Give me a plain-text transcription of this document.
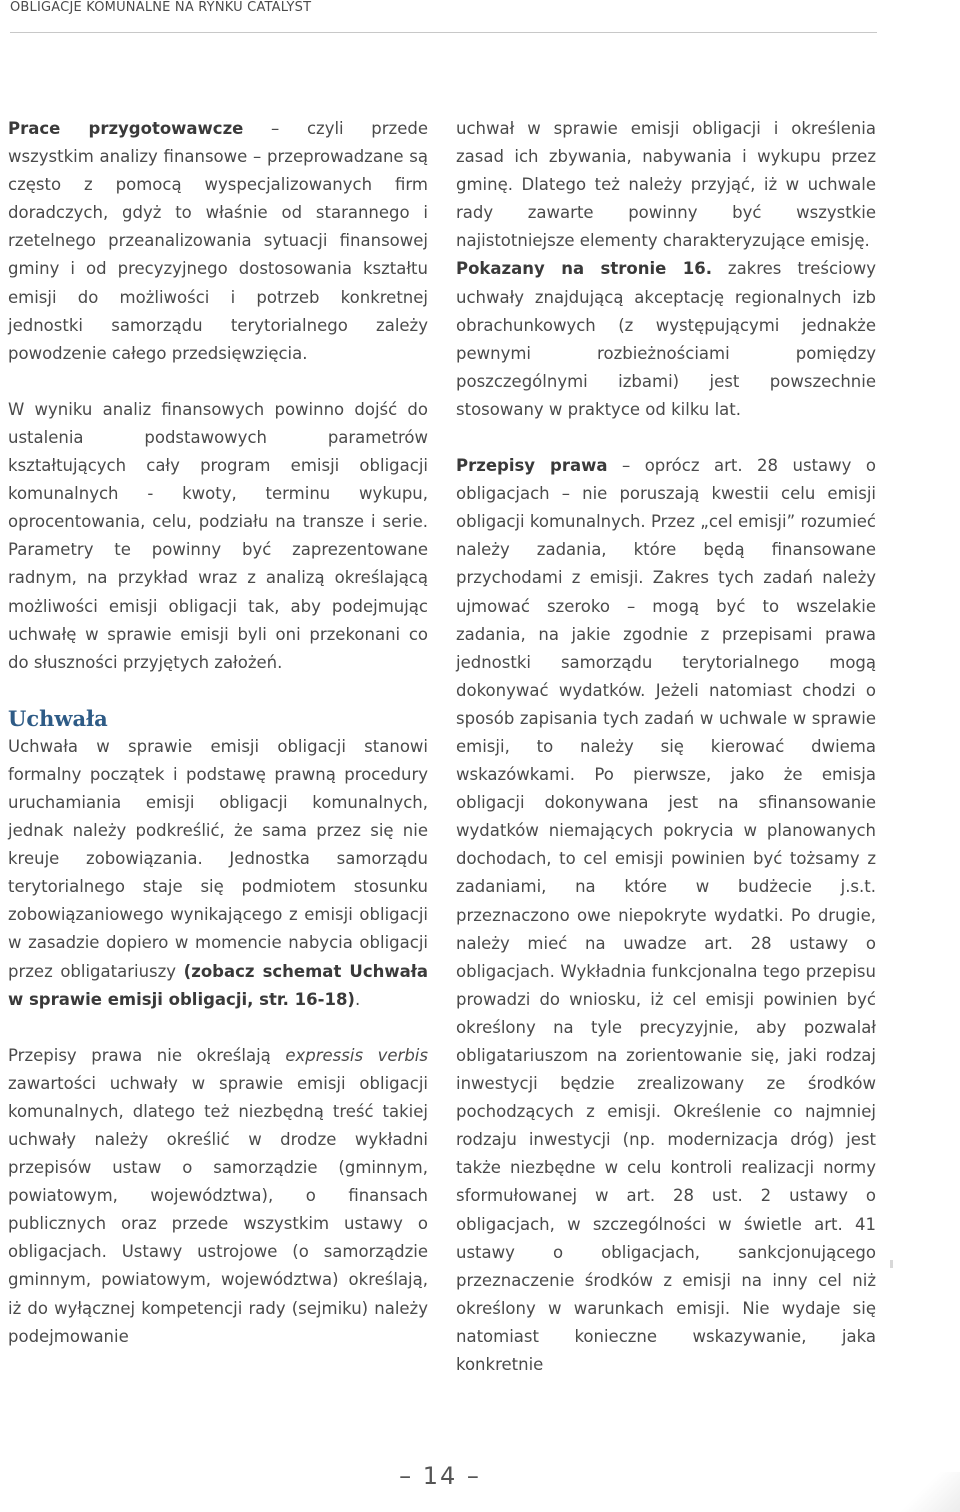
OBLIGACJE KOMUNALNE NA RYNKU CATALYST

Prace przygotowawcze – czyli przede wszystkim analizy finansowe – przeprowadzane są często z pomocą wyspecjalizowanych firm doradczych, gdyż to właśnie od starannego i rzetelnego przeanalizowania sytuacji finansowej gminy i od precyzyjnego dostosowania kształtu emisji do możliwości i potrzeb konkretnej jednostki samorządu terytorialnego zależy powodzenie całego przedsięwzięcia.

W wyniku analiz finansowych powinno dojść do ustalenia podstawowych parametrów kształtujących cały program emisji obligacji komunalnych - kwoty, terminu wykupu, oprocentowania, celu, podziału na transze i serie. Parametry te powinny być zaprezentowane radnym, na przykład wraz z analizą określającą możliwości emisji obligacji tak, aby podejmując uchwałę w sprawie emisji byli oni przekonani co do słuszności przyjętych założeń.

Uchwała

Uchwała w sprawie emisji obligacji stanowi formalny początek i podstawę prawną procedury uruchamiania emisji obligacji komunalnych, jednak należy podkreślić, że sama przez się nie kreuje zobowiązania. Jednostka samorządu terytorialnego staje się podmiotem stosunku zobowiązaniowego wynikającego z emisji obligacji w zasadzie dopiero w momencie nabycia obligacji przez obligatariuszy (zobacz schemat Uchwała w sprawie emisji obligacji, str. 16-18).

Przepisy prawa nie określają expressis verbis zawartości uchwały w sprawie emisji obligacji komunalnych, dlatego też niezbędną treść takiej uchwały należy określić w drodze wykładni przepisów ustaw o samorządzie (gminnym, powiatowym, województwa), o finansach publicznych oraz przede wszystkim ustawy o obligacjach. Ustawy ustrojowe (o samorządzie gminnym, powiatowym, województwa) określają, iż do wyłącznej kompetencji rady (sejmiku) należy podejmowanie

uchwał w sprawie emisji obligacji i określenia zasad ich zbywania, nabywania i wykupu przez gminę. Dlatego też należy przyjąć, iż w uchwale rady zawarte powinny być wszystkie najistotniejsze elementy charakteryzujące emisję.

Pokazany na stronie 16. zakres treściowy uchwały znajdującą akceptację regionalnych izb obrachunkowych (z występującymi jednakże pewnymi rozbieżnościami pomiędzy poszczególnymi izbami) jest powszechnie stosowany w praktyce od kilku lat.

Przepisy prawa – oprócz art. 28 ustawy o obligacjach – nie poruszają kwestii celu emisji obligacji komunalnych. Przez „cel emisji” rozumieć należy zadania, które będą finansowane przychodami z emisji. Zakres tych zadań należy ujmować szeroko – mogą być to wszelakie zadania, na jakie zgodnie z przepisami prawa jednostki samorządu terytorialnego mogą dokonywać wydatków. Jeżeli natomiast chodzi o sposób zapisania tych zadań w uchwale w sprawie emisji, to należy się kierować dwiema wskazówkami. Po pierwsze, jako że emisja obligacji dokonywana jest na sfinansowanie wydatków niemających pokrycia w planowanych dochodach, to cel emisji powinien być tożsamy z zadaniami, na które w budżecie j.s.t. przeznaczono owe niepokryte wydatki. Po drugie, należy mieć na uwadze art. 28 ustawy o obligacjach. Wykładnia funkcjonalna tego przepisu prowadzi do wniosku, iż cel emisji powinien być określony na tyle precyzyjnie, aby pozwalał obligatariuszom na zorientowanie się, jaki rodzaj inwestycji będzie zrealizowany ze środków pochodzących z emisji. Określenie co najmniej rodzaju inwestycji (np. modernizacja dróg) jest także niezbędne w celu kontroli realizacji normy sformułowanej w art. 28 ust. 2 ustawy o obligacjach, w szczególności w świetle art. 41 ustawy o obligacjach, sankcjonującego przeznaczenie środków z emisji na inny cel niż określony w warunkach emisji. Nie wydaje się natomiast konieczne wskazywanie, jaka konkretnie

– 14 –
